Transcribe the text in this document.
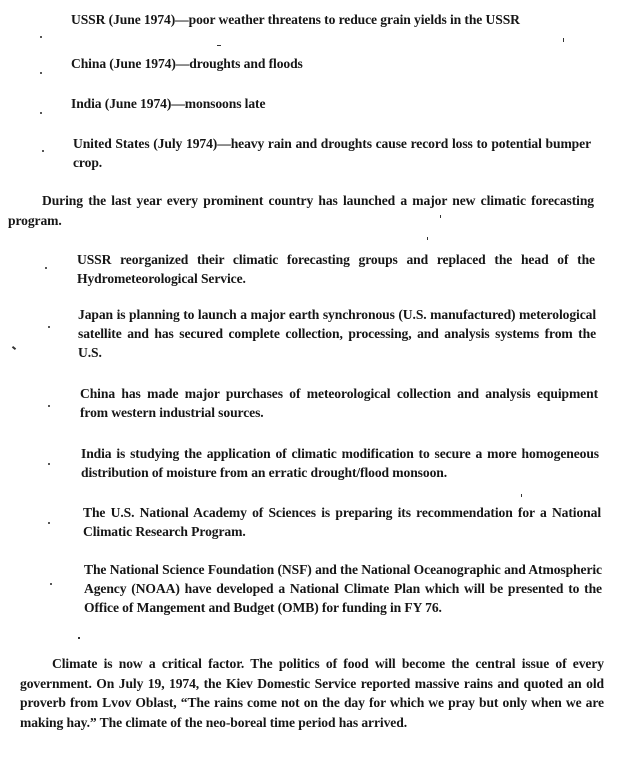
USSR (June 1974)—poor weather threatens to reduce grain yields in the USSR
China (June 1974)—droughts and floods
India (June 1974)—monsoons late
United States (July 1974)—heavy rain and droughts cause record loss to potential bumper crop.
During the last year every prominent country has launched a major new climatic forecasting program.
USSR reorganized their climatic forecasting groups and replaced the head of the Hydrometeorological Service.
Japan is planning to launch a major earth synchronous (U.S. manufactured) meterological satellite and has secured complete collection, processing, and analysis systems from the U.S.
China has made major purchases of meteorological collection and analysis equipment from western industrial sources.
India is studying the application of climatic modification to secure a more homogeneous distribution of moisture from an erratic drought/flood monsoon.
The U.S. National Academy of Sciences is preparing its recommendation for a National Climatic Research Program.
The National Science Foundation (NSF) and the National Oceanographic and Atmospheric Agency (NOAA) have developed a National Climate Plan which will be presented to the Office of Mangement and Budget (OMB) for funding in FY 76.
Climate is now a critical factor. The politics of food will become the central issue of every government. On July 19, 1974, the Kiev Domestic Service reported massive rains and quoted an old proverb from Lvov Oblast, “The rains come not on the day for which we pray but only when we are making hay.” The climate of the neo-boreal time period has arrived.
